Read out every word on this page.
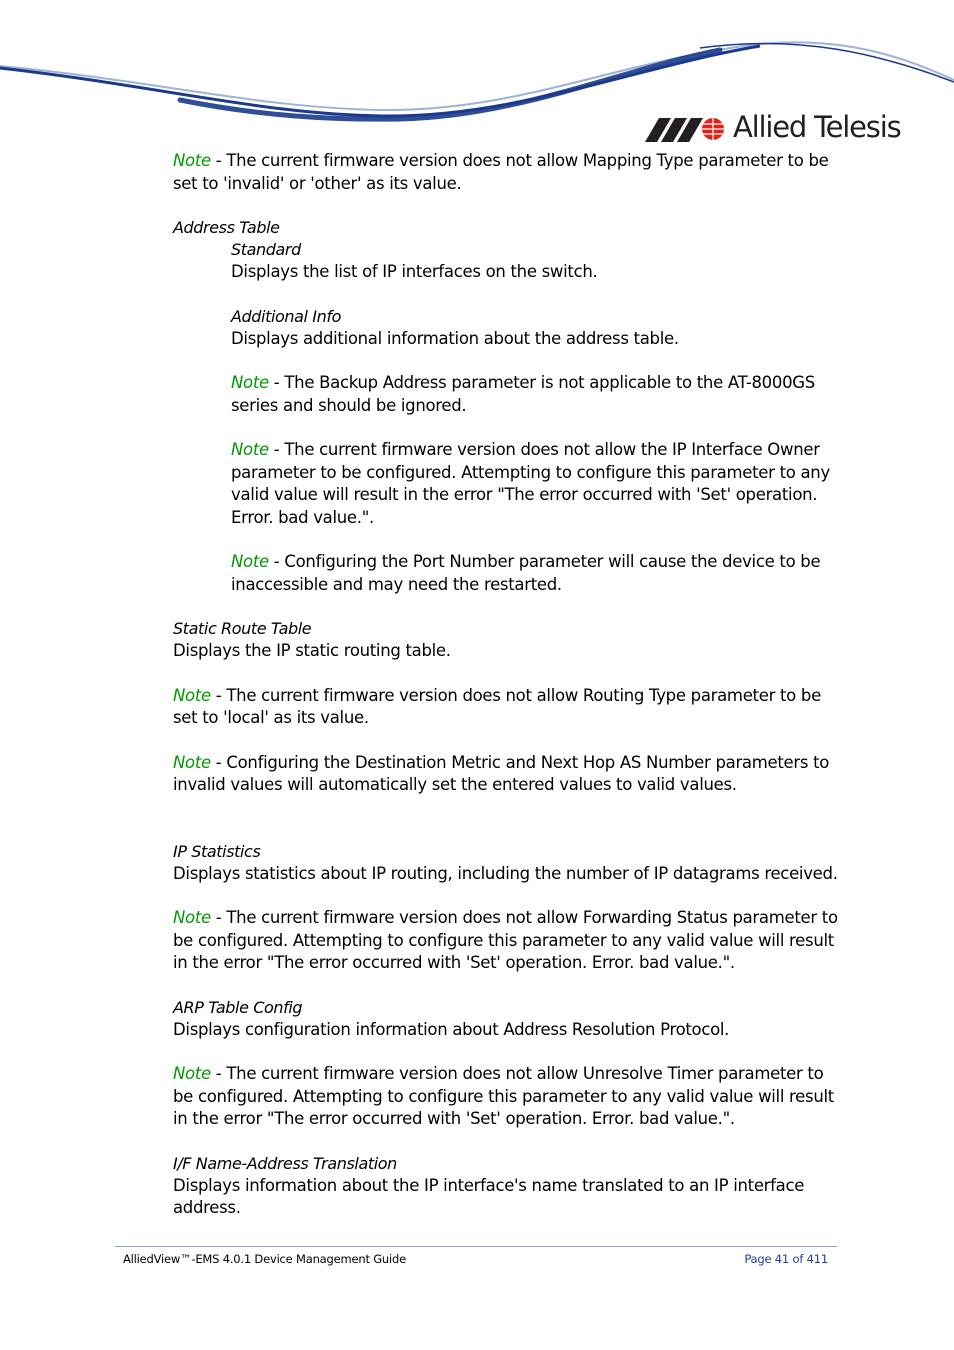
Allied Telesis

Note - The current firmware version does not allow Mapping Type parameter to be set to 'invalid' or 'other' as its value.

Address Table

Standard

Displays the list of IP interfaces on the switch.

Additional Info

Displays additional information about the address table.

Note - The Backup Address parameter is not applicable to the AT-8000GS series and should be ignored.

Note - The current firmware version does not allow the IP Interface Owner parameter to be configured. Attempting to configure this parameter to any valid value will result in the error "The error occurred with 'Set' operation. Error. bad value.".

Note - Configuring the Port Number parameter will cause the device to be inaccessible and may need the restarted.

Static Route Table

Displays the IP static routing table.

Note - The current firmware version does not allow Routing Type parameter to be set to 'local' as its value.

Note - Configuring the Destination Metric and Next Hop AS Number parameters to invalid values will automatically set the entered values to valid values.

IP Statistics

Displays statistics about IP routing, including the number of IP datagrams received.

Note - The current firmware version does not allow Forwarding Status parameter to be configured. Attempting to configure this parameter to any valid value will result in the error "The error occurred with 'Set' operation. Error. bad value.".

ARP Table Config

Displays configuration information about Address Resolution Protocol.

Note - The current firmware version does not allow Unresolve Timer parameter to be configured. Attempting to configure this parameter to any valid value will result in the error "The error occurred with 'Set' operation. Error. bad value.".

I/F Name-Address Translation

Displays information about the IP interface's name translated to an IP interface address.

AlliedView™-EMS 4.0.1 Device Management Guide	Page 41 of 411
